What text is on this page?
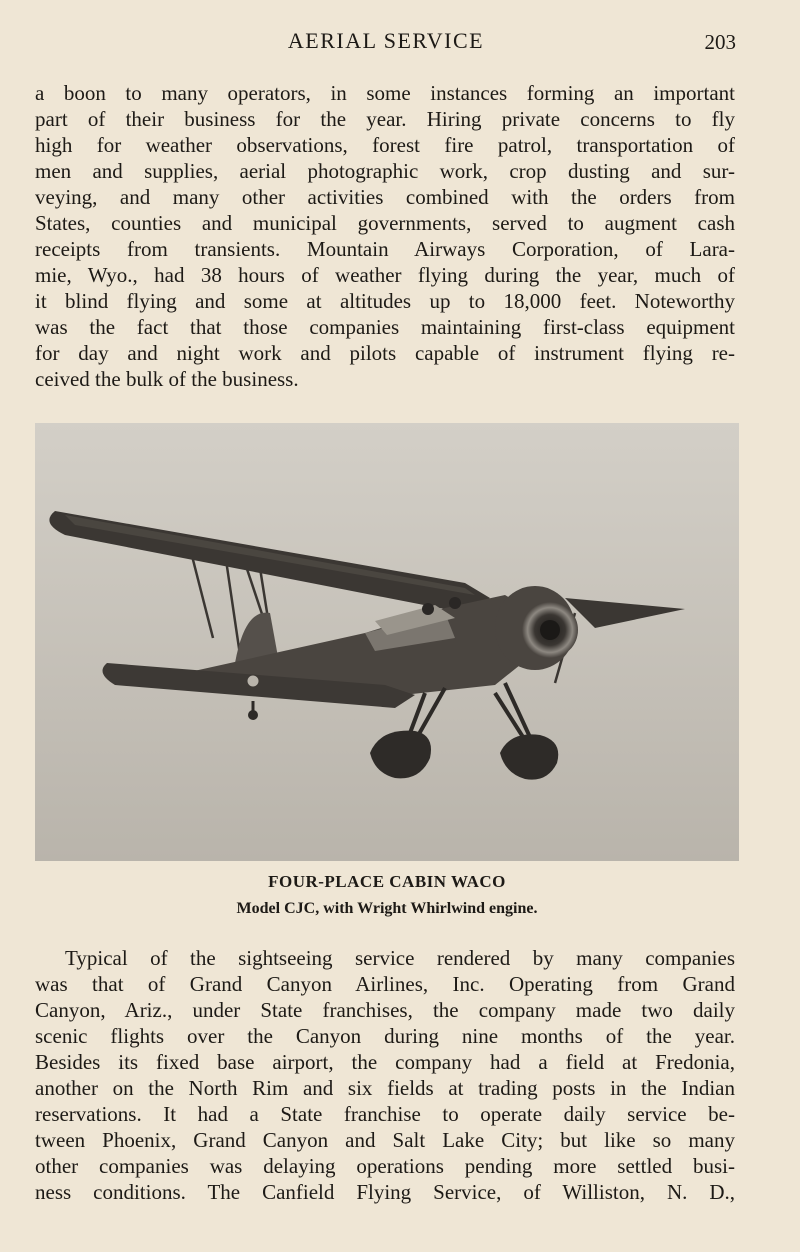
AERIAL SERVICE	203
a boon to many operators, in some instances forming an important
part of their business for the year. Hiring private concerns to fly
high for weather observations, forest fire patrol, transportation of
men and supplies, aerial photographic work, crop dusting and sur-
veying, and many other activities combined with the orders from
States, counties and municipal governments, served to augment cash
receipts from transients. Mountain Airways Corporation, of Lara-
mie, Wyo., had 38 hours of weather flying during the year, much of
it blind flying and some at altitudes up to 18,000 feet. Noteworthy
was the fact that those companies maintaining first-class equipment
for day and night work and pilots capable of instrument flying re-
ceived the bulk of the business.
FOUR-PLACE CABIN WACO
Model CJC, with Wright Whirlwind engine.
Typical of the sightseeing service rendered by many companies
was that of Grand Canyon Airlines, Inc. Operating from Grand
Canyon, Ariz., under State franchises, the company made two daily
scenic flights over the Canyon during nine months of the year.
Besides its fixed base airport, the company had a field at Fredonia,
another on the North Rim and six fields at trading posts in the Indian
reservations. It had a State franchise to operate daily service be-
tween Phoenix, Grand Canyon and Salt Lake City; but like so many
other companies was delaying operations pending more settled busi-
ness conditions. The Canfield Flying Service, of Williston, N. D.,
